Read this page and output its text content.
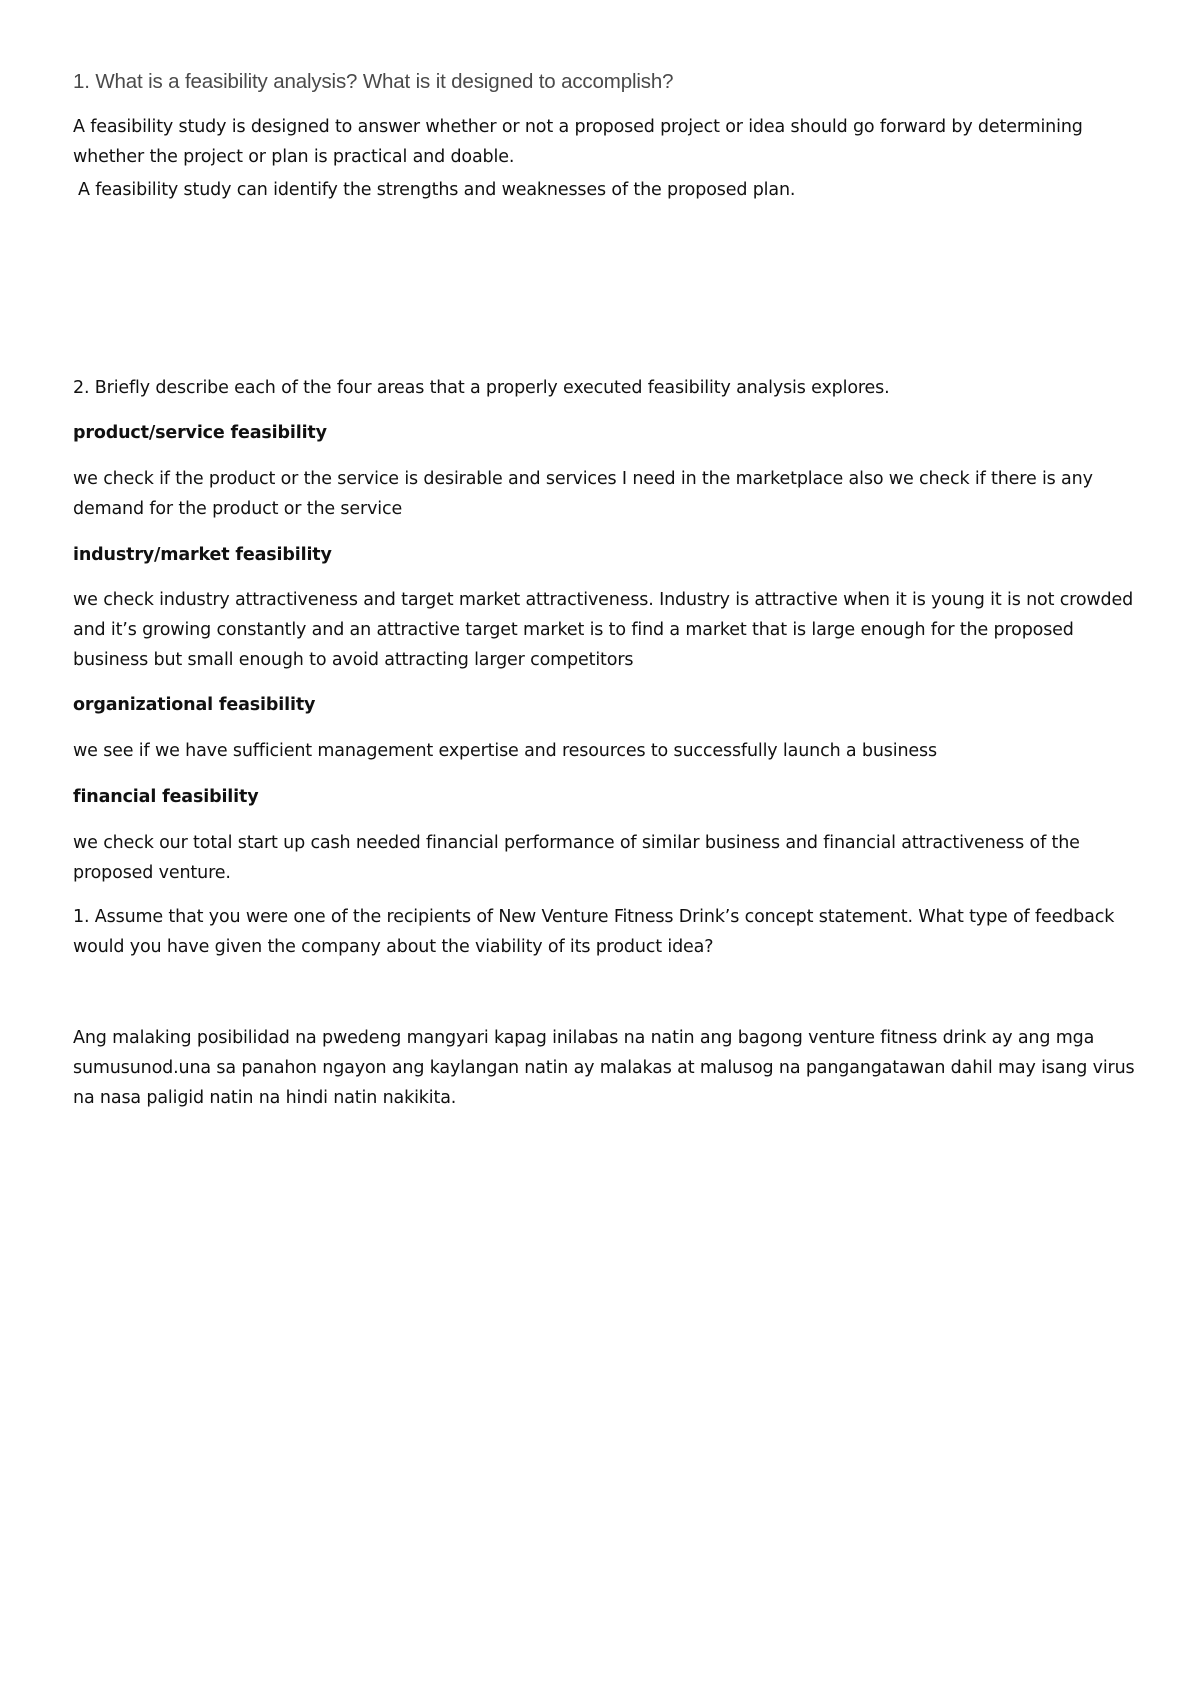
1. What is a feasibility analysis? What is it designed to accomplish?

A feasibility study is designed to answer whether or not a proposed project or idea should go forward by determining whether the project or plan is practical and doable.

A feasibility study can identify the strengths and weaknesses of the proposed plan.

2. Briefly describe each of the four areas that a properly executed feasibility analysis explores.

product/service feasibility

we check if the product or the service is desirable and services I need in the marketplace also we check if there is any demand for the product or the service

industry/market feasibility

we check industry attractiveness and target market attractiveness. Industry is attractive when it is young it is not crowded and it’s growing constantly and an attractive target market is to find a market that is large enough for the proposed business but small enough to avoid attracting larger competitors

organizational feasibility

we see if we have sufficient management expertise and resources to successfully launch a business

financial feasibility

we check our total start up cash needed financial performance of similar business and financial attractiveness of the proposed venture.

1. Assume that you were one of the recipients of New Venture Fitness Drink’s concept statement. What type of feedback would you have given the company about the viability of its product idea?

Ang malaking posibilidad na pwedeng mangyari kapag inilabas na natin ang bagong venture fitness drink ay ang mga sumusunod.una sa panahon ngayon ang kaylangan natin ay malakas at malusog na pangangatawan dahil may isang virus na nasa paligid natin na hindi natin nakikita.
